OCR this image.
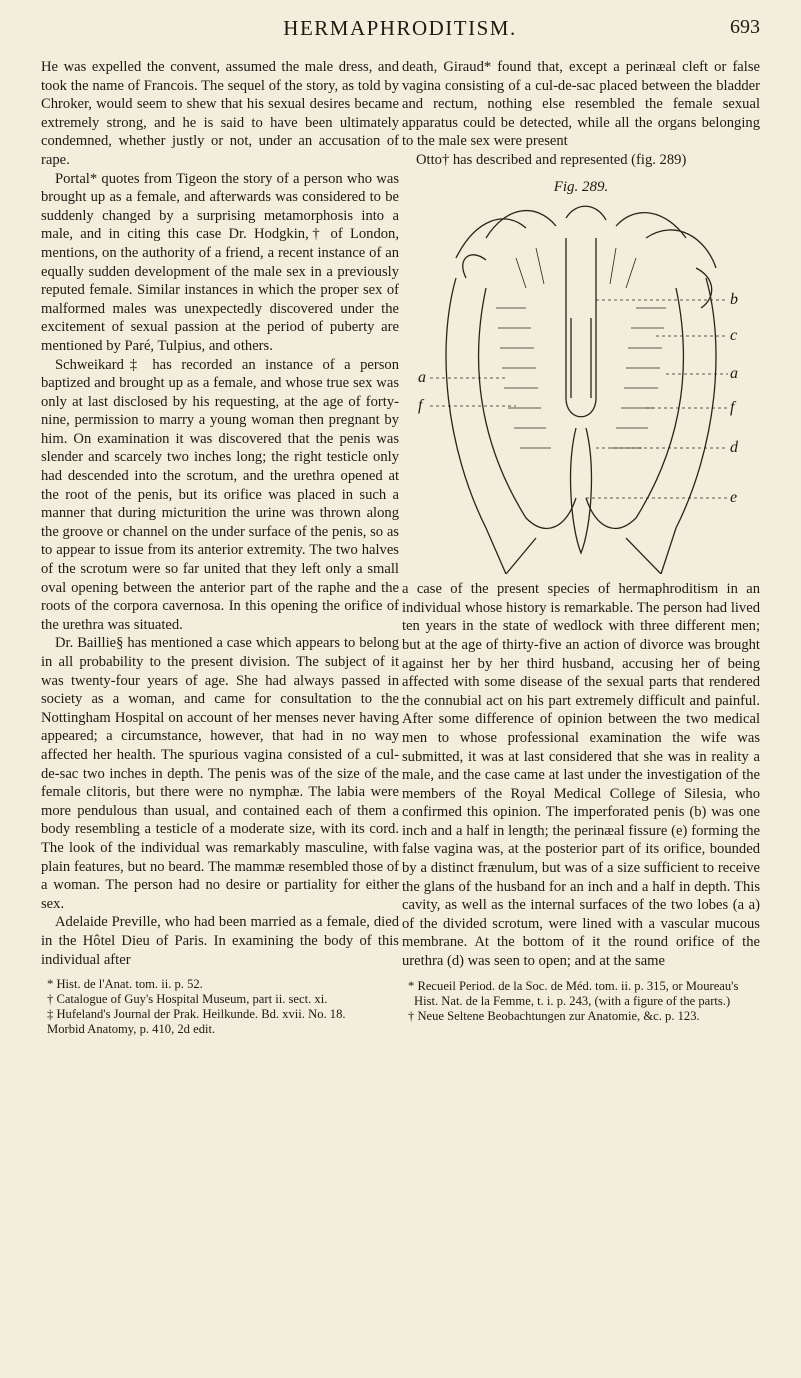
HERMAPHRODITISM.	693

He was expelled the convent, assumed the male dress, and took the name of Francois. The sequel of the story, as told by Chroker, would seem to shew that his sexual desires became extremely strong, and he is said to have been ultimately condemned, whether justly or not, under an accusation of rape.

Portal* quotes from Tigeon the story of a person who was brought up as a female, and afterwards was considered to be suddenly changed by a surprising metamorphosis into a male, and in citing this case Dr. Hodgkin,† of London, mentions, on the authority of a friend, a recent instance of an equally sudden development of the male sex in a previously reputed female. Similar instances in which the proper sex of malformed males was unexpectedly discovered under the excitement of sexual passion at the period of puberty are mentioned by Paré, Tulpius, and others.

Schweikard‡ has recorded an instance of a person baptized and brought up as a female, and whose true sex was only at last disclosed by his requesting, at the age of forty-nine, permission to marry a young woman then pregnant by him. On examination it was discovered that the penis was slender and scarcely two inches long; the right testicle only had descended into the scrotum, and the urethra opened at the root of the penis, but its orifice was placed in such a manner that during micturition the urine was thrown along the groove or channel on the under surface of the penis, so as to appear to issue from its anterior extremity. The two halves of the scrotum were so far united that they left only a small oval opening between the anterior part of the raphe and the roots of the corpora cavernosa. In this opening the orifice of the urethra was situated.

Dr. Baillie§ has mentioned a case which appears to belong in all probability to the present division. The subject of it was twenty-four years of age. She had always passed in society as a woman, and came for consultation to the Nottingham Hospital on account of her menses never having appeared; a circumstance, however, that had in no way affected her health. The spurious vagina consisted of a cul-de-sac two inches in depth. The penis was of the size of the female clitoris, but there were no nymphæ. The labia were more pendulous than usual, and contained each of them a body resembling a testicle of a moderate size, with its cord. The look of the individual was remarkably masculine, with plain features, but no beard. The mammæ resembled those of a woman. The person had no desire or partiality for either sex.

Adelaide Preville, who had been married as a female, died in the Hôtel Dieu of Paris. In examining the body of this individual after

* Hist. de l'Anat. tom. ii. p. 52.
† Catalogue of Guy's Hospital Museum, part ii. sect. xi.
‡ Hufeland's Journal der Prak. Heilkunde. Bd. xvii. No. 18.
Morbid Anatomy, p. 410, 2d edit.

death, Giraud* found that, except a perinæal cleft or false vagina consisting of a cul-de-sac placed between the bladder and rectum, nothing else resembled the female sexual apparatus could be detected, while all the organs belonging to the male sex were present

Otto† has described and represented (fig. 289)

Fig. 289.
b
c
a
f
d
e
a
f

a case of the present species of hermaphroditism in an individual whose history is remarkable. The person had lived ten years in the state of wedlock with three different men; but at the age of thirty-five an action of divorce was brought against her by her third husband, accusing her of being affected with some disease of the sexual parts that rendered the connubial act on his part extremely difficult and painful. After some difference of opinion between the two medical men to whose professional examination the wife was submitted, it was at last considered that she was in reality a male, and the case came at last under the investigation of the members of the Royal Medical College of Silesia, who confirmed this opinion. The imperforated penis (b) was one inch and a half in length; the perinæal fissure (e) forming the false vagina was, at the posterior part of its orifice, bounded by a distinct frænulum, but was of a size sufficient to receive the glans of the husband for an inch and a half in depth. This cavity, as well as the internal surfaces of the two lobes (a a) of the divided scrotum, were lined with a vascular mucous membrane. At the bottom of it the round orifice of the urethra (d) was seen to open; and at the same

* Recueil Period. de la Soc. de Méd. tom. ii. p. 315, or Moureau's Hist. Nat. de la Femme, t. i. p. 243, (with a figure of the parts.)
† Neue Seltene Beobachtungen zur Anatomie, &c. p. 123.
